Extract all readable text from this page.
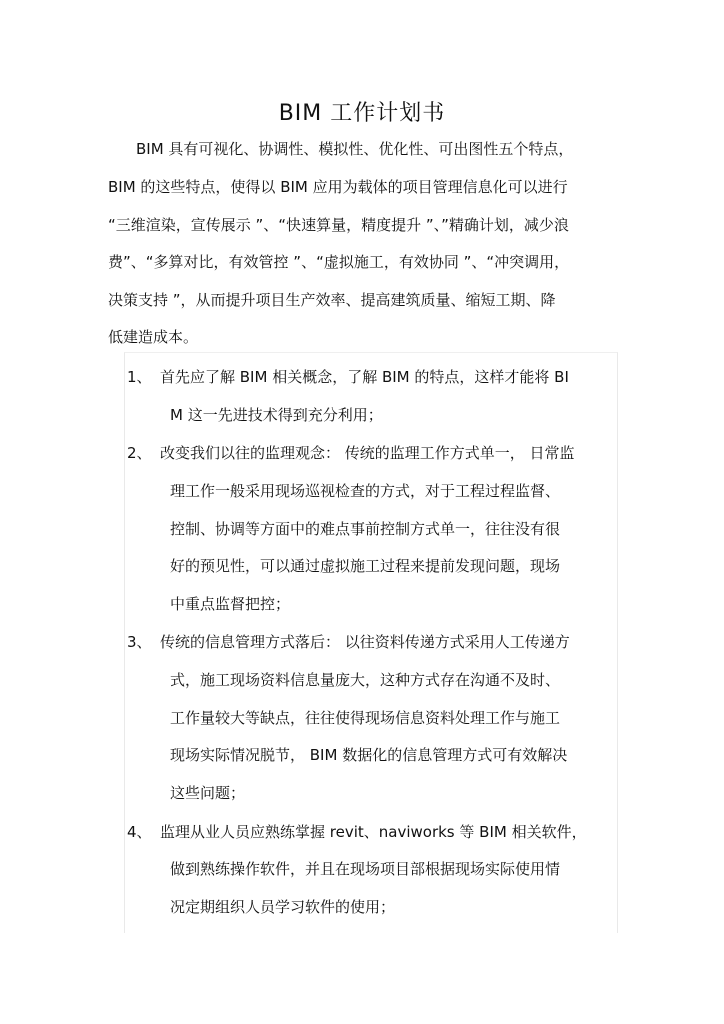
BIM 工作计划书
BIM 具有可视化、协调性、模拟性、优化性、可出图性五个特点，
BIM 的这些特点，使得以 BIM 应用为载体的项目管理信息化可以进行
“三维渲染，宣传展示 ”、“快速算量，精度提升 ”、”精确计划，减少浪
费”、“多算对比，有效管控 ”、“虚拟施工，有效协同 ”、“冲突调用，
决策支持 ”，从而提升项目生产效率、提高建筑质量、缩短工期、降
低建造成本。
1、 首先应了解 BIM 相关概念，了解 BIM 的特点，这样才能将 BI
M 这一先进技术得到充分利用；
2、 改变我们以往的监理观念： 传统的监理工作方式单一， 日常监
理工作一般采用现场巡视检查的方式，对于工程过程监督、
控制、协调等方面中的难点事前控制方式单一，往往没有很
好的预见性，可以通过虚拟施工过程来提前发现问题，现场
中重点监督把控；
3、 传统的信息管理方式落后： 以往资料传递方式采用人工传递方
式，施工现场资料信息量庞大，这种方式存在沟通不及时、
工作量较大等缺点，往往使得现场信息资料处理工作与施工
现场实际情况脱节， BIM 数据化的信息管理方式可有效解决
这些问题；
4、 监理从业人员应熟练掌握 revit、naviworks 等 BIM 相关软件，
做到熟练操作软件，并且在现场项目部根据现场实际使用情
况定期组织人员学习软件的使用；
